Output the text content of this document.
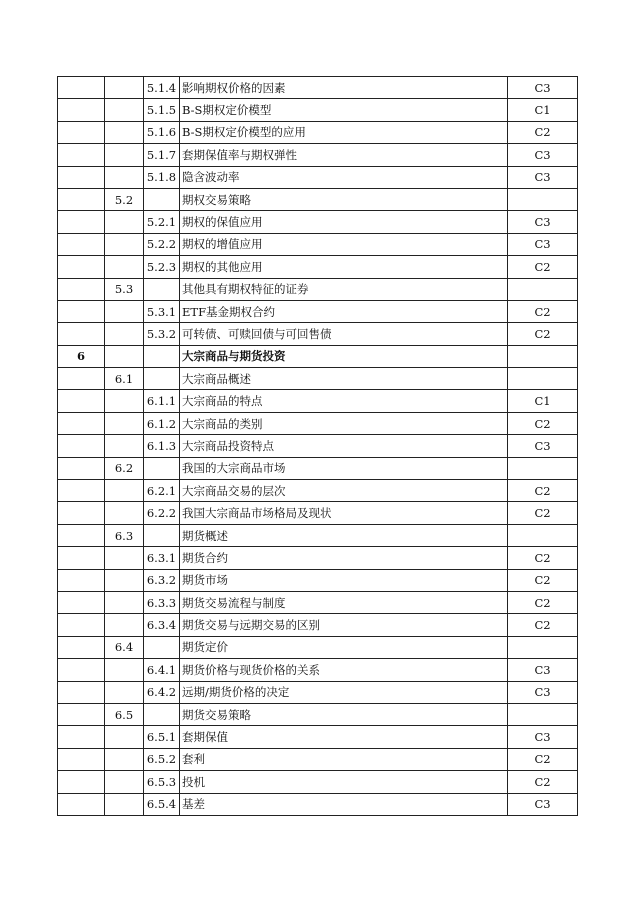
		5.1.4	影响期权价格的因素	C3
		5.1.5	B-S期权定价模型	C1
		5.1.6	B-S期权定价模型的应用	C2
		5.1.7	套期保值率与期权弹性	C3
		5.1.8	隐含波动率	C3
	5.2		期权交易策略	
		5.2.1	期权的保值应用	C3
		5.2.2	期权的增值应用	C3
		5.2.3	期权的其他应用	C2
	5.3		其他具有期权特征的证券	
		5.3.1	ETF基金期权合约	C2
		5.3.2	可转债、可赎回债与可回售债	C2
6			大宗商品与期货投资	
	6.1		大宗商品概述	
		6.1.1	大宗商品的特点	C1
		6.1.2	大宗商品的类别	C2
		6.1.3	大宗商品投资特点	C3
	6.2		我国的大宗商品市场	
		6.2.1	大宗商品交易的层次	C2
		6.2.2	我国大宗商品市场格局及现状	C2
	6.3		期货概述	
		6.3.1	期货合约	C2
		6.3.2	期货市场	C2
		6.3.3	期货交易流程与制度	C2
		6.3.4	期货交易与远期交易的区别	C2
	6.4		期货定价	
		6.4.1	期货价格与现货价格的关系	C3
		6.4.2	远期/期货价格的决定	C3
	6.5		期货交易策略	
		6.5.1	套期保值	C3
		6.5.2	套利	C2
		6.5.3	投机	C2
		6.5.4	基差	C3
